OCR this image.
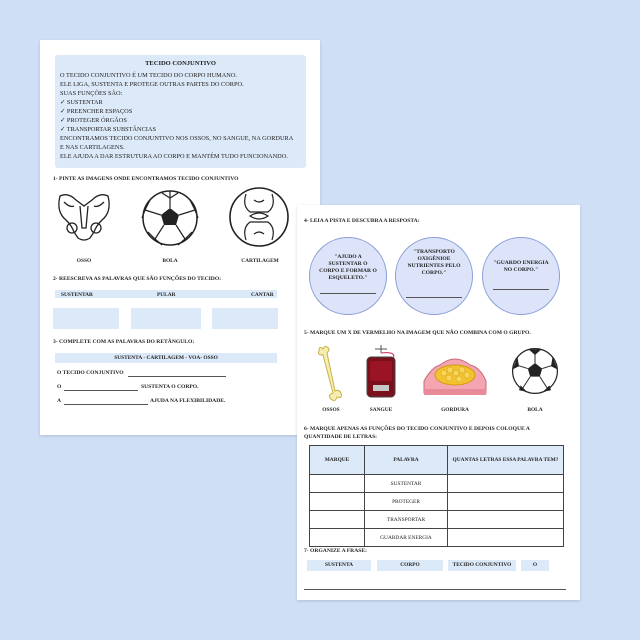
TECIDO CONJUNTIVO
O TECIDO CONJUNTIVO É UM TECIDO DO CORPO HUMANO.
ELE LIGA, SUSTENTA E PROTEGE OUTRAS PARTES DO CORPO.
SUAS FUNÇÕES SÃO:
✓ SUSTENTAR
✓ PREENCHER ESPAÇOS
✓ PROTEGER ÓRGÃOS
✓ TRANSPORTAR SUBSTÂNCIAS
ENCONTRAMOS TECIDO CONJUNTIVO NOS OSSOS, NO SANGUE, NA GORDURA
E NAS CARTILAGENS.
ELE AJUDA A DAR ESTRUTURA AO CORPO E MANTÉM TUDO FUNCIONANDO.
1- PINTE AS IMAGENS ONDE ENCONTRAMOS TECIDO CONJUNTIVO
OSSO	BOLA	CARTILAGEM
2- REESCREVA AS PALAVRAS QUE SÃO FUNÇÕES DO TECIDO:
SUSTENTAR	PULAR	CANTAR
3- COMPLETE COM AS PALAVRAS DO RETÂNGULO:
SUSTENTA - CARTILAGEM - VOA- OSSO
O TECIDO CONJUNTIVO
O	SUSTENTA O CORPO.
A	AJUDA NA FLEXIBILIDADE.
4- LEIA A PISTA E DESCUBRA A RESPOSTA:
"AJUDO A SUSTENTAR O CORPO E FORMAR O ESQUELETO."
"TRANSPORTO OXIGÊNIOE NUTRIENTES PELO CORPO."
"GUARDO ENERGIA NO CORPO."
5- MARQUE UM X DE VERMELHO NA IMAGEM QUE NÃO COMBINA COM O GRUPO.
OSSOS	SANGUE	GORDURA	BOLA
6- MARQUE APENAS AS FUNÇÕES DO TECIDO CONJUNTIVO E DEPOIS COLOQUE A
QUANTIDADE DE LETRAS:
MARQUE	PALAVRA	QUANTAS LETRAS ESSA PALAVRA TEM?
	SUSTENTAR	
	PROTEGER	
	TRANSPORTAR	
	GUARDAR ENERGIA	
7- ORGANIZE A FRASE:
SUSTENTA	CORPO	TECIDO CONJUNTIVO	O
